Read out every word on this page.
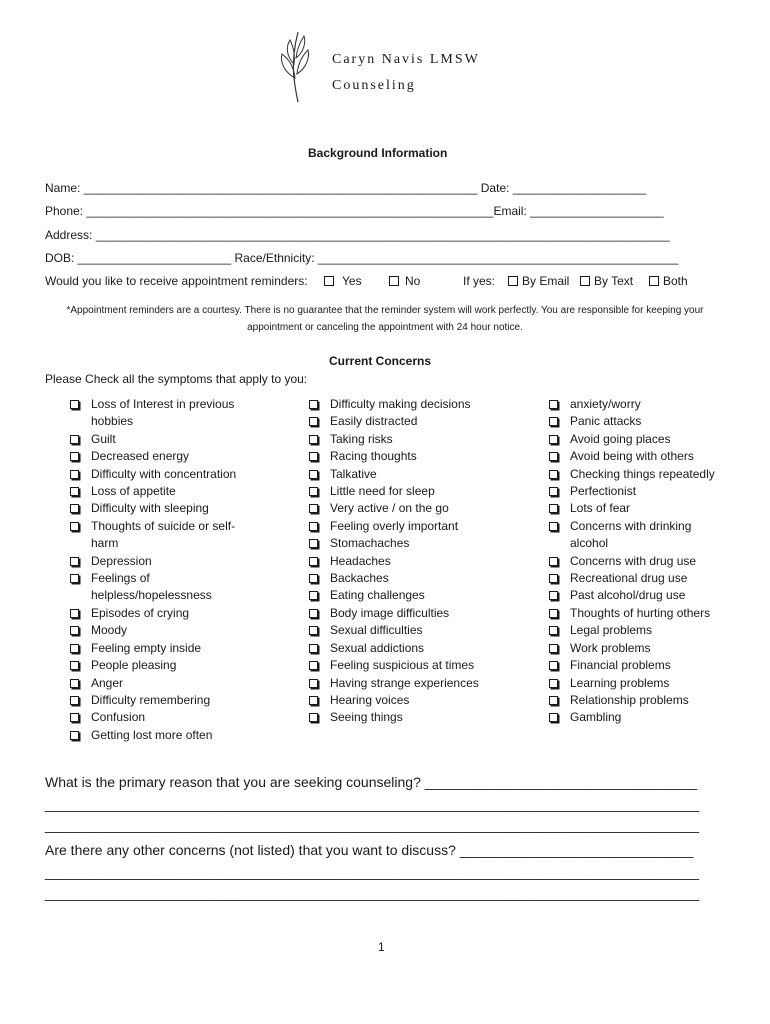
Caryn Navis LMSW
Counseling
Background Information
Name: ___________________________________________________________ Date: ____________________
Phone: _____________________________________________________________Email: ____________________
Address: ______________________________________________________________________________________
DOB: _______________________ Race/Ethnicity: ______________________________________________________
Would you like to receive appointment reminders:	Yes	No	If yes: By Email By Text Both
*Appointment reminders are a courtesy. There is no guarantee that the reminder system will work perfectly. You are responsible for keeping your appointment or canceling the appointment with 24 hour notice.
Current Concerns
Please Check all the symptoms that apply to you:
Loss of Interest in previous hobbies
Guilt
Decreased energy
Difficulty with concentration
Loss of appetite
Difficulty with sleeping
Thoughts of suicide or self-harm
Depression
Feelings of helpless/hopelessness
Episodes of crying
Moody
Feeling empty inside
People pleasing
Anger
Difficulty remembering
Confusion
Getting lost more often
Difficulty making decisions
Easily distracted
Taking risks
Racing thoughts
Talkative
Little need for sleep
Very active / on the go
Feeling overly important
Stomachaches
Headaches
Backaches
Eating challenges
Body image difficulties
Sexual difficulties
Sexual addictions
Feeling suspicious at times
Having strange experiences
Hearing voices
Seeing things
anxiety/worry
Panic attacks
Avoid going places
Avoid being with others
Checking things repeatedly
Perfectionist
Lots of fear
Concerns with drinking alcohol
Concerns with drug use
Recreational drug use
Past alcohol/drug use
Thoughts of hurting others
Legal problems
Work problems
Financial problems
Learning problems
Relationship problems
Gambling
What is the primary reason that you are seeking counseling? ___________________________________
____________________________________________________________________________________
____________________________________________________________________________________
Are there any other concerns (not listed) that you want to discuss? ______________________________
____________________________________________________________________________________
____________________________________________________________________________________
1
